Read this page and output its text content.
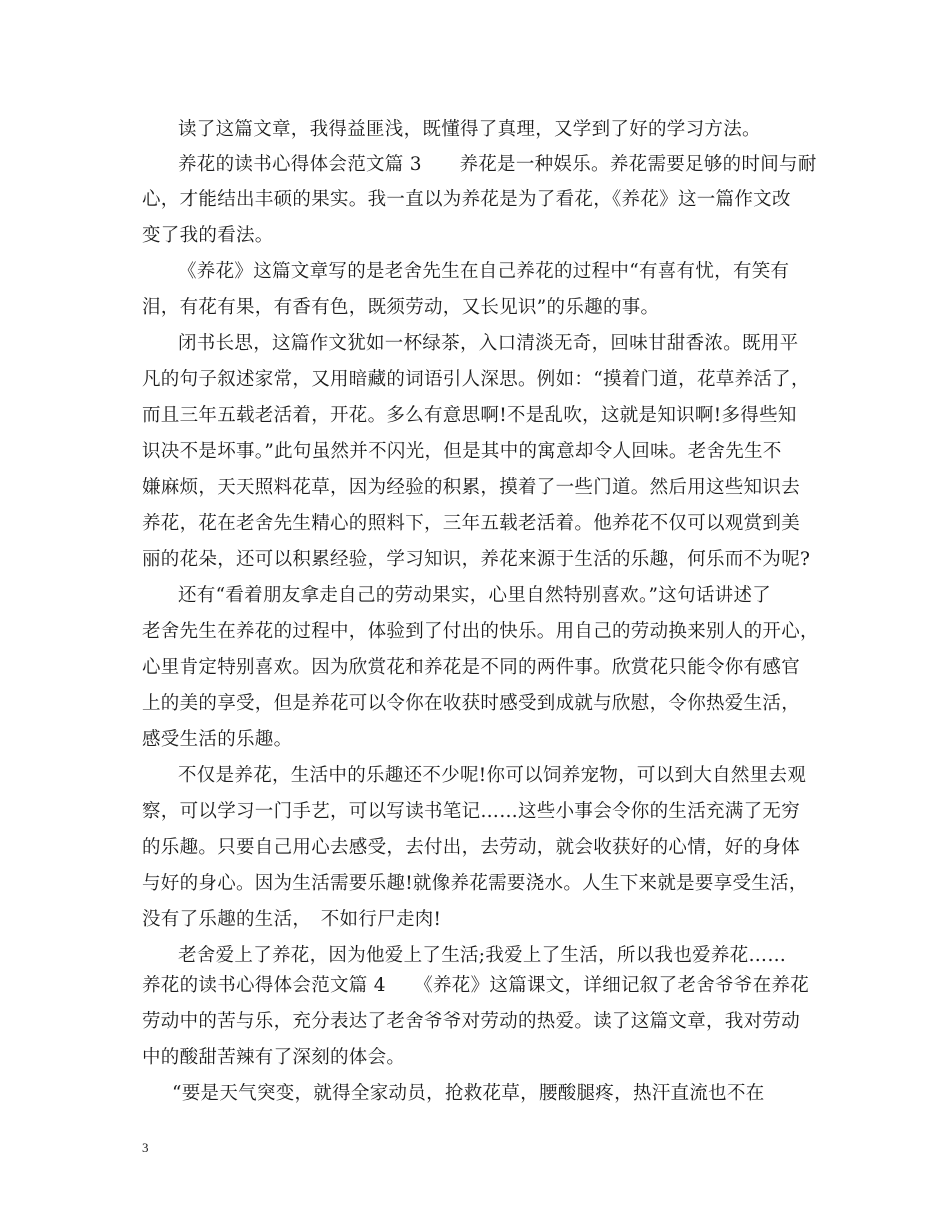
读了这篇文章，我得益匪浅，既懂得了真理，又学到了好的学习方法。
养花的读书心得体会范文篇 3　　养花是一种娱乐。养花需要足够的时间与耐
心，才能结出丰硕的果实。我一直以为养花是为了看花，《养花》这一篇作文改
变了我的看法。
《养花》这篇文章写的是老舍先生在自己养花的过程中“有喜有忧，有笑有
泪，有花有果，有香有色，既须劳动，又长见识”的乐趣的事。
闭书长思，这篇作文犹如一杯绿茶，入口清淡无奇，回味甘甜香浓。既用平
凡的句子叙述家常，又用暗藏的词语引人深思。例如：“摸着门道，花草养活了，
而且三年五载老活着，开花。多么有意思啊!不是乱吹，这就是知识啊!多得些知
识决不是坏事。”此句虽然并不闪光，但是其中的寓意却令人回味。老舍先生不
嫌麻烦，天天照料花草，因为经验的积累，摸着了一些门道。然后用这些知识去
养花，花在老舍先生精心的照料下，三年五载老活着。他养花不仅可以观赏到美
丽的花朵，还可以积累经验，学习知识，养花来源于生活的乐趣，何乐而不为呢?
还有“看着朋友拿走自己的劳动果实，心里自然特别喜欢。”这句话讲述了
老舍先生在养花的过程中，体验到了付出的快乐。用自己的劳动换来别人的开心，
心里肯定特别喜欢。因为欣赏花和养花是不同的两件事。欣赏花只能令你有感官
上的美的享受，但是养花可以令你在收获时感受到成就与欣慰，令你热爱生活，
感受生活的乐趣。
不仅是养花，生活中的乐趣还不少呢!你可以饲养宠物，可以到大自然里去观
察，可以学习一门手艺，可以写读书笔记……这些小事会令你的生活充满了无穷
的乐趣。只要自己用心去感受，去付出，去劳动，就会收获好的心情，好的身体
与好的身心。因为生活需要乐趣!就像养花需要浇水。人生下来就是要享受生活，
没有了乐趣的生活，　不如行尸走肉!
老舍爱上了养花，因为他爱上了生活;我爱上了生活，所以我也爱养花……
养花的读书心得体会范文篇 4　　《养花》这篇课文，详细记叙了老舍爷爷在养花
劳动中的苦与乐，充分表达了老舍爷爷对劳动的热爱。读了这篇文章，我对劳动
中的酸甜苦辣有了深刻的体会。
“要是天气突变，就得全家动员，抢救花草，腰酸腿疼，热汗直流也不在
3
